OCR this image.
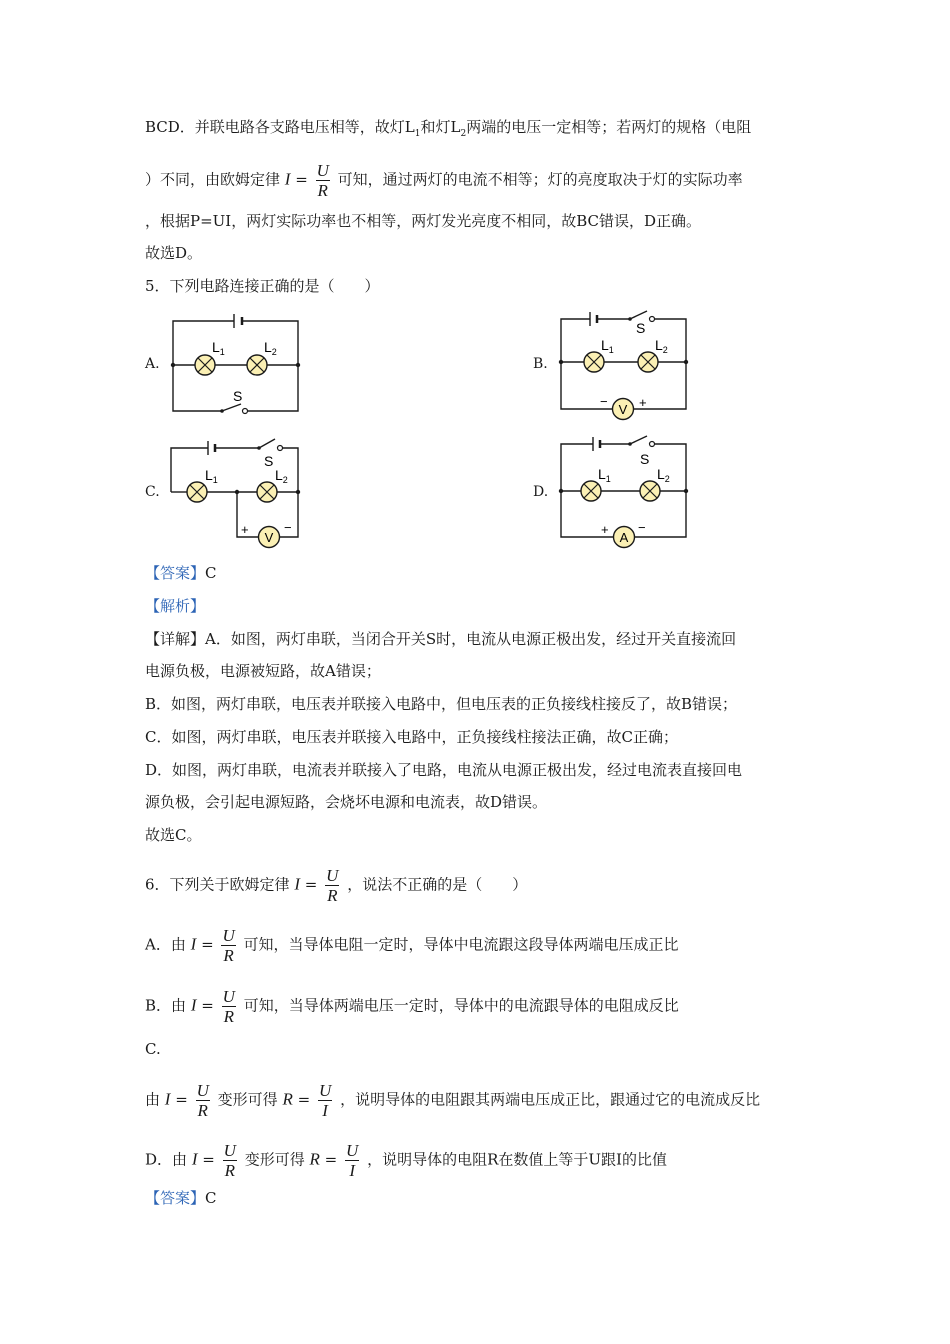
BCD．并联电路各支路电压相等，故灯$L_1$和灯$L_2$两端的电压一定相等；若两灯的规格（电阻
）不同，由欧姆定律 $I = \frac{U}{R}$ 可知，通过两灯的电流不相等；灯的亮度取决于灯的实际功率
，根据P=UI，两灯实际功率也不相等，两灯发光亮度不相同，故BC错误，D正确。
故选D。
5．下列电路连接正确的是（　　）
A.	B.
C.	D.
$L_1$	$L_2$
S
V
− +
S
$L_1$	$L_2$
V
+	−
S
$L_1$	$L_2$
A
+ −
S
$L_1$	$L_2$
【答案】C
【解析】
【详解】A．如图，两灯串联，当闭合开关S时，电流从电源正极出发，经过开关直接流回
电源负极，电源被短路，故A错误；
B．如图，两灯串联，电压表并联接入电路中，但电压表的正负接线柱接反了，故B错误；
C．如图，两灯串联，电压表并联接入电路中，正负接线柱接法正确，故C正确；
D．如图，两灯串联，电流表并联接入了电路，电流从电源正极出发，经过电流表直接回电
源负极，会引起电源短路，会烧坏电源和电流表，故D错误。
故选C。
6．下列关于欧姆定律 $I = \frac{U}{R}$ ，说法不正确的是（　　）
A．由 $I = \frac{U}{R}$ 可知，当导体电阻一定时，导体中电流跟这段导体两端电压成正比
B．由 $I = \frac{U}{R}$ 可知，当导体两端电压一定时，导体中的电流跟导体的电阻成反比
C.
由 $I = \frac{U}{R}$ 变形可得 $R = \frac{U}{I}$ ，说明导体的电阻跟其两端电压成正比，跟通过它的电流成反比
D．由 $I = \frac{U}{R}$ 变形可得 $R = \frac{U}{I}$ ，说明导体的电阻R在数值上等于U跟I的比值
【答案】C
